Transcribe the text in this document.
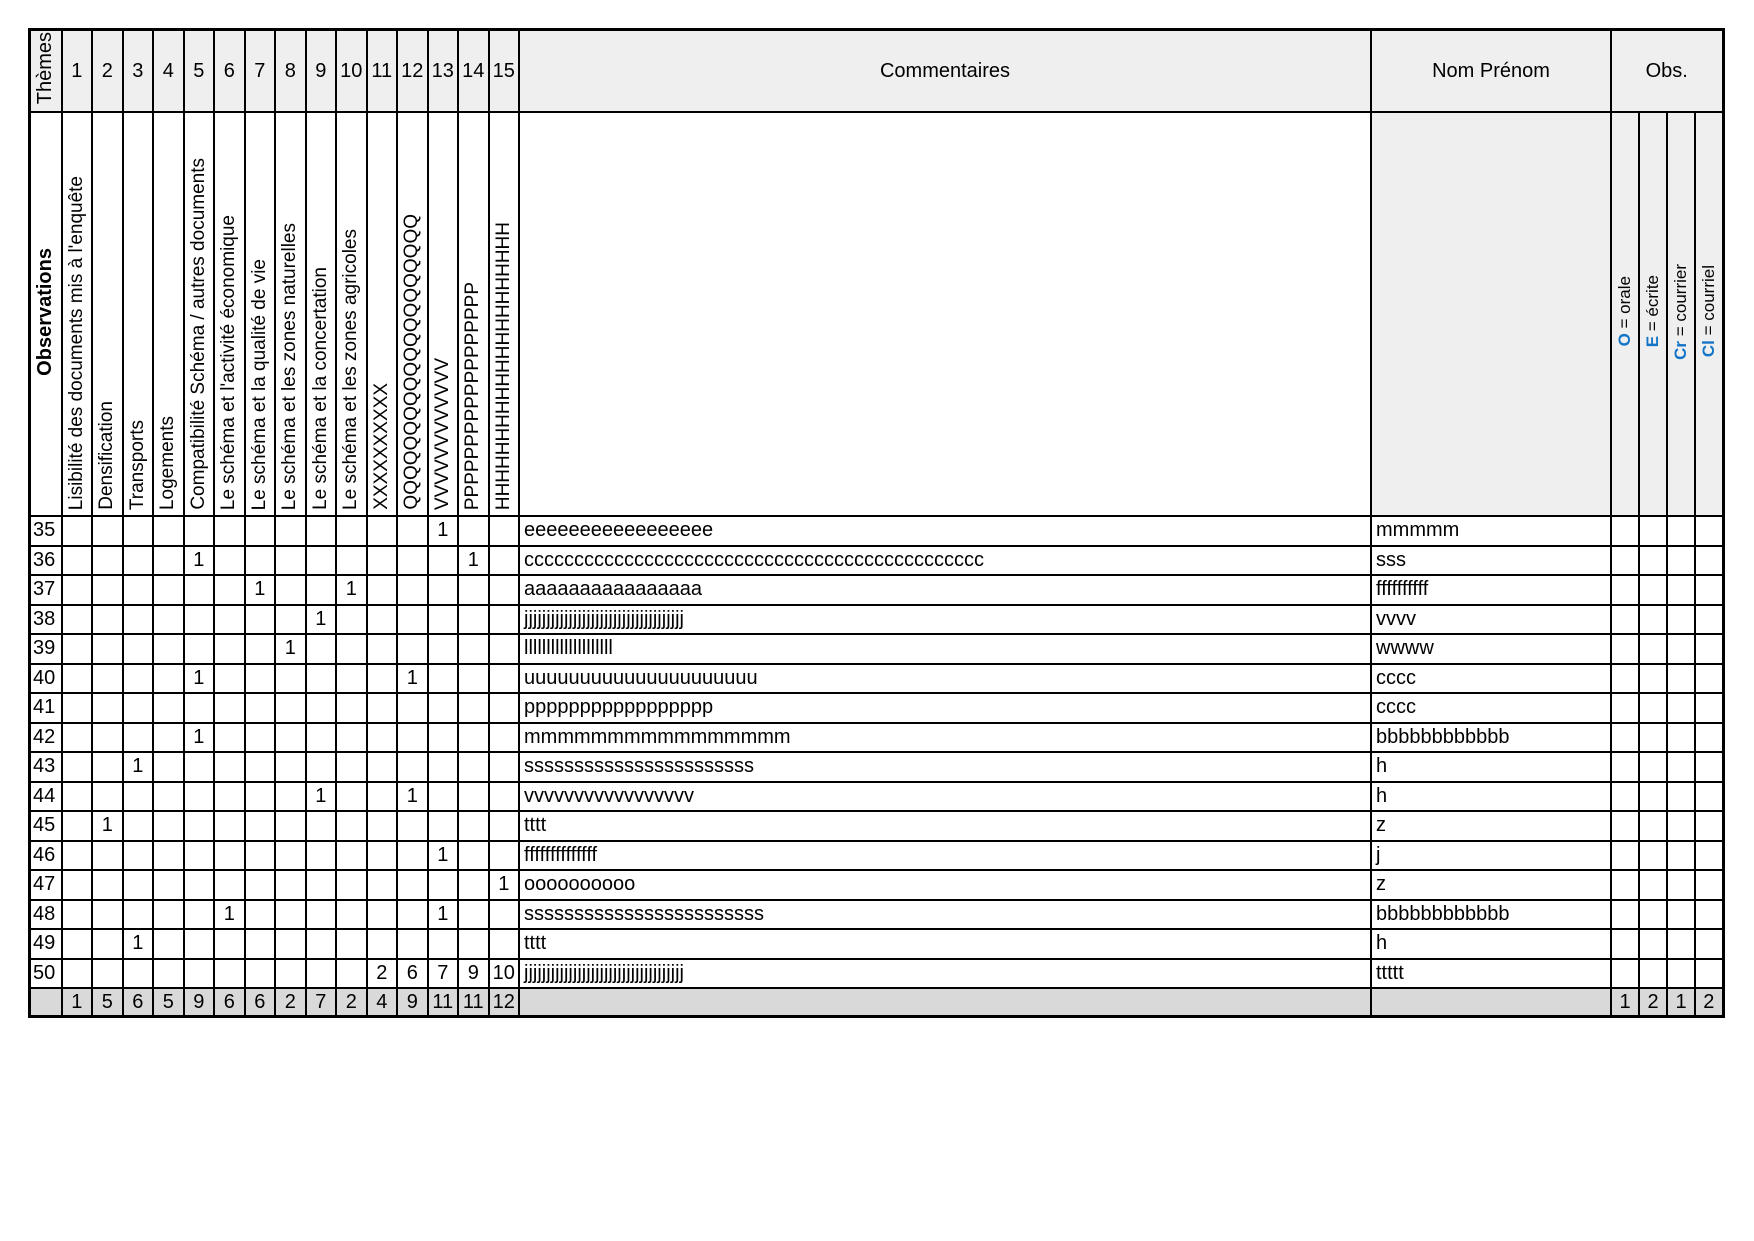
Thèmes	1	2	3	4	5	6	7	8	9	10	11	12	13	14	15	Commentaires	Nom Prénom	Obs.			
Observations	Lisibilité des documents mis à l'enquête	Densification	Transports	Logements	Compatibilité Schéma / autres documents	Le schéma et l'activité économique	Le schéma et la qualité de vie	Le schéma et les zones naturelles	Le schéma et la concertation	Le schéma et les zones agricoles	XXXXXXXXXX	QQQQQQQQQQQQQQQQQQQQ	VVVVVVVVVVVV	PPPPPPPPPPPPPPPPPP	HHHHHHHHHHHHHHHHHHHHH			O = orale	E = écrite	Cr = courrier	Cl = courriel
35													1			eeeeeeeeeeeeeeeee	mmmmm				
36					1									1		cccccccccccccccccccccccccccccccccccccccccccccc	sss				
37							1			1						aaaaaaaaaaaaaaaa	ffffffffff				
38									1							jjjjjjjjjjjjjjjjjjjjjjjjjjjjjjjjjjjj	vvvv				
39								1								llllllllllllllllllll	wwww				
40					1							1				uuuuuuuuuuuuuuuuuuuuu	cccc				
41																ppppppppppppppppp	cccc				
42					1											mmmmmmmmmmmmmmmm	bbbbbbbbbbbb				
43			1													sssssssssssssssssssssss	h				
44									1			1				vvvvvvvvvvvvvvvvv	h				
45		1														tttt	z				
46													1			ffffffffffffff	j				
47															1	oooooooooo	z				
48						1							1			ssssssssssssssssssssssss	bbbbbbbbbbbb				
49			1													tttt	h				
50											2	6	7	9	10	jjjjjjjjjjjjjjjjjjjjjjjjjjjjjjjjjjjj	ttttt				
	1	5	6	5	9	6	6	2	7	2	4	9	11	11	12			1	2	1	2
